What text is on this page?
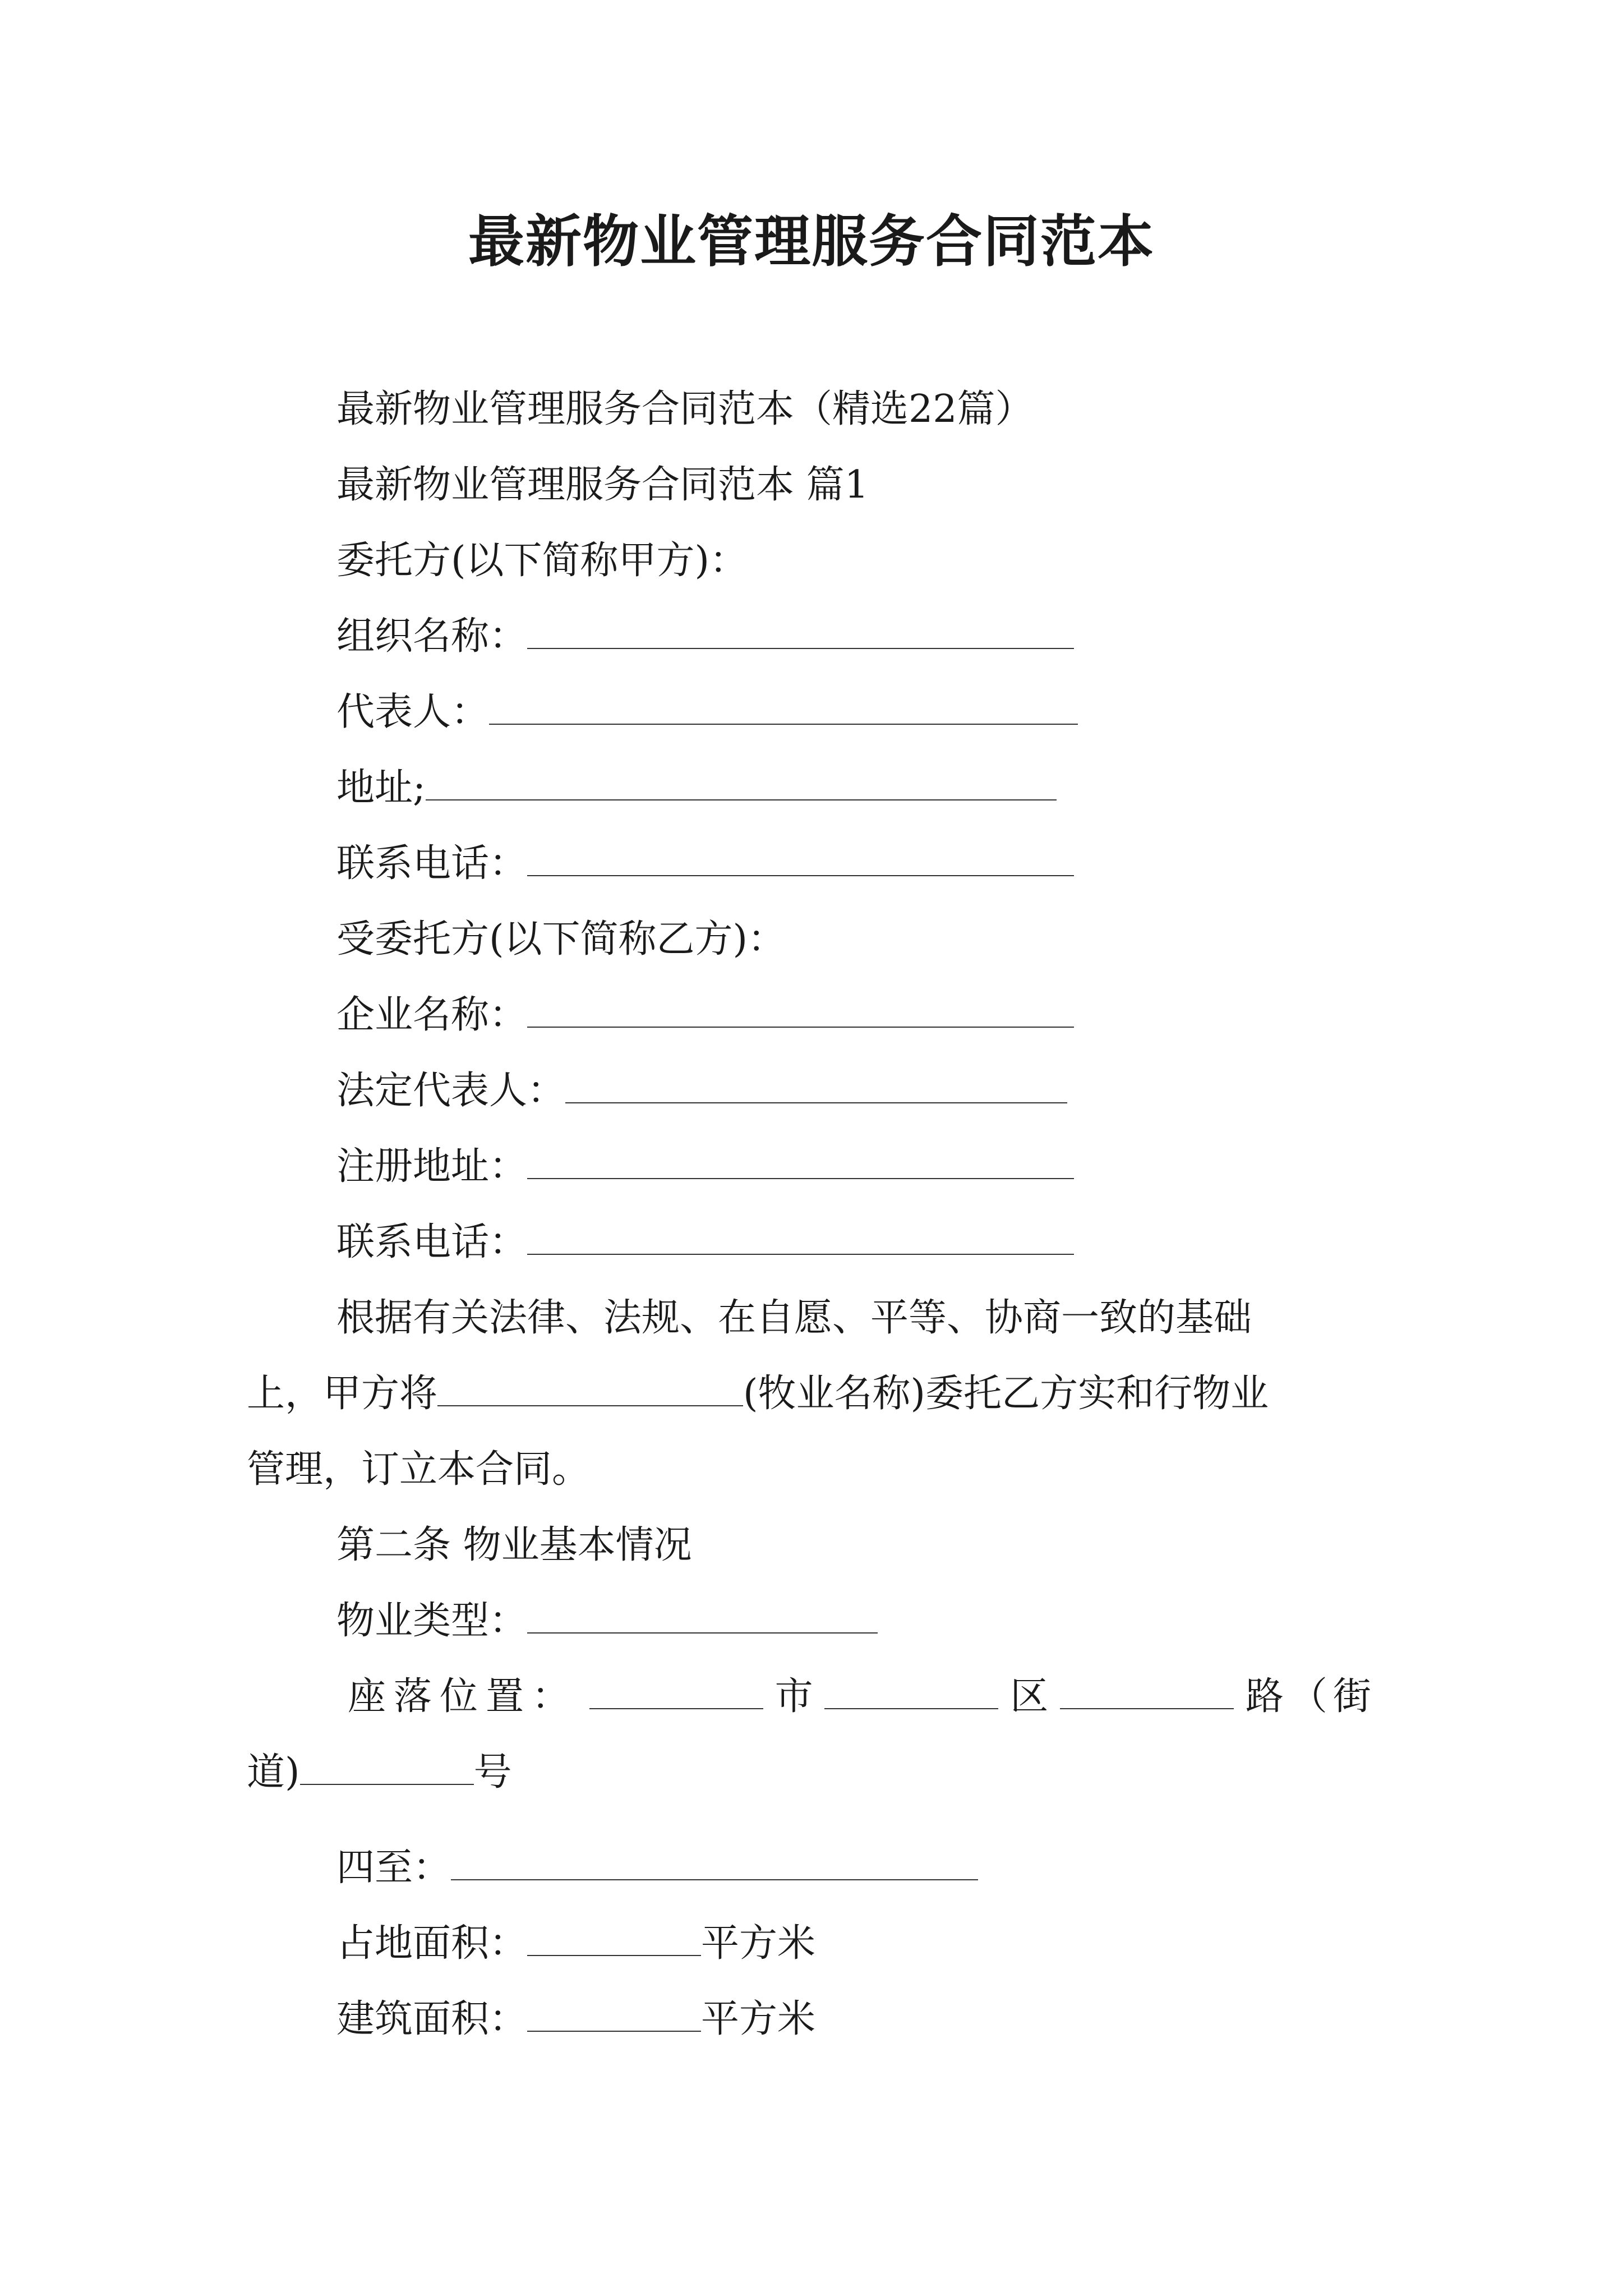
最新物业管理服务合同范本
最新物业管理服务合同范本（精选22篇）
最新物业管理服务合同范本 篇1
委托方(以下简称甲方)：
组织名称：
代表人：
地址;
联系电话：
受委托方(以下简称乙方)：
企业名称：
法定代表人：
注册地址：
联系电话：
根据有关法律、法规、在自愿、平等、协商一致的基础
上，甲方将	(牧业名称)委托乙方实和行物业
管理，订立本合同。
第二条 物业基本情况
物业类型：
座落位置：	市	区	路（街
道)	号
四至：
占地面积：	平方米
建筑面积：	平方米
